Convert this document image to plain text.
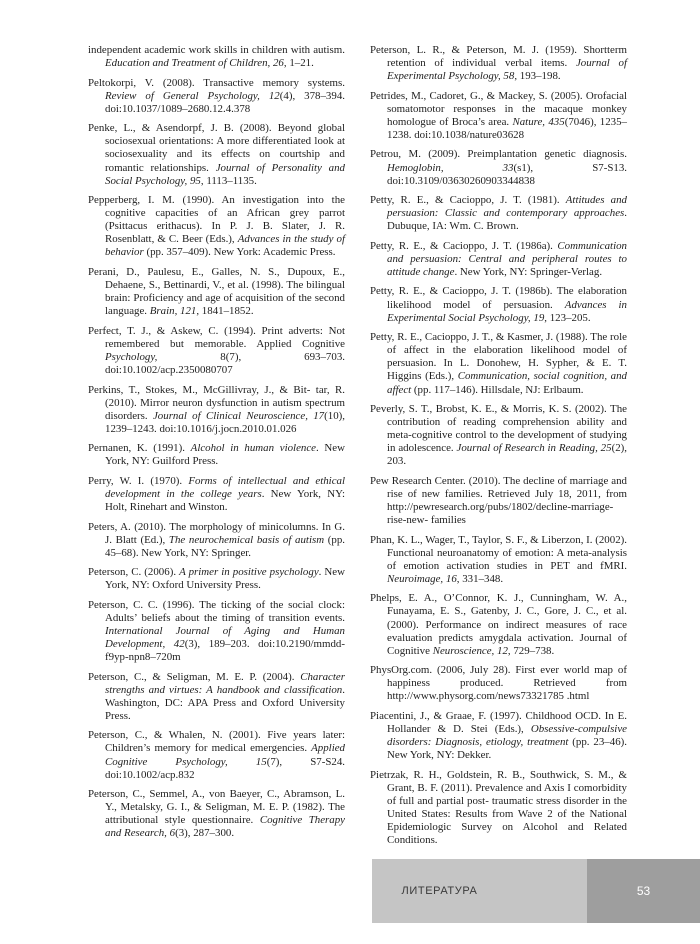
independent academic work skills in children with autism. Education and Treatment of Children, 26, 1–21.

Peltokorpi, V. (2008). Transactive memory systems. Review of General Psychology, 12(4), 378–394. doi:10.1037/1089–2680.12.4.378

Penke, L., & Asendorpf, J. B. (2008). Beyond global sociosexual orientations: A more differentiated look at sociosexuality and its effects on courtship and romantic relationships. Journal of Personality and Social Psychology, 95, 1113–1135.

Pepperberg, I. M. (1990). An investigation into the cognitive capacities of an African grey parrot (Psittacus erithacus). In P. J. B. Slater, J. R. Rosenblatt, & C. Beer (Eds.), Advances in the study of behavior (pp. 357–409). New York: Academic Press.

Perani, D., Paulesu, E., Galles, N. S., Dupoux, E., Dehaene, S., Bettinardi, V., et al. (1998). The bilingual brain: Proficiency and age of acquisition of the second language. Brain, 121, 1841–1852.

Perfect, T. J., & Askew, C. (1994). Print adverts: Not remembered but memorable. Applied Cognitive Psychology, 8(7), 693–703. doi:10.1002/acp.2350080707

Perkins, T., Stokes, M., McGillivray, J., & Bit- tar, R. (2010). Mirror neuron dysfunction in autism spectrum disorders. Journal of Clinical Neuroscience, 17(10), 1239–1243. doi:10.1016/j.jocn.2010.01.026

Pernanen, K. (1991). Alcohol in human violence. New York, NY: Guilford Press.

Perry, W. I. (1970). Forms of intellectual and ethical development in the college years. New York, NY: Holt, Rinehart and Winston.

Peters, A. (2010). The morphology of minicolumns. In G. J. Blatt (Ed.), The neurochemical basis of autism (pp. 45–68). New York, NY: Springer.

Peterson, C. (2006). A primer in positive psychology. New York, NY: Oxford University Press.

Peterson, C. C. (1996). The ticking of the social clock: Adults’ beliefs about the timing of transition events. International Journal of Aging and Human Development, 42(3), 189–203. doi:10.2190/mmdd-f9yp-npn8–720m

Peterson, C., & Seligman, M. E. P. (2004). Character strengths and virtues: A handbook and classification. Washington, DC: APA Press and Oxford University Press.

Peterson, C., & Whalen, N. (2001). Five years later: Children’s memory for medical emergencies. Applied Cognitive Psychology, 15(7), S7-S24. doi:10.1002/acp.832

Peterson, C., Semmel, A., von Baeyer, C., Abramson, L. Y., Metalsky, G. I., & Seligman, M. E. P. (1982). The attributional style questionnaire. Cognitive Therapy and Research, 6(3), 287–300.

Peterson, L. R., & Peterson, M. J. (1959). Shortterm retention of individual verbal items. Journal of Experimental Psychology, 58, 193–198.

Petrides, M., Cadoret, G., & Mackey, S. (2005). Orofacial somatomotor responses in the macaque monkey homologue of Broca’s area. Nature, 435(7046), 1235–1238. doi:10.1038/nature03628

Petrou, M. (2009). Preimplantation genetic diagnosis. Hemoglobin, 33(s1), S7-S13. doi:10.3109/03630260903344838

Petty, R. E., & Cacioppo, J. T. (1981). Attitudes and persuasion: Classic and contemporary approaches. Dubuque, IA: Wm. C. Brown.

Petty, R. E., & Cacioppo, J. T. (1986a). Communication and persuasion: Central and peripheral routes to attitude change. New York, NY: Springer-Verlag.

Petty, R. E., & Cacioppo, J. T. (1986b). The elaboration likelihood model of persuasion. Advances in Experimental Social Psychology, 19, 123–205.

Petty, R. E., Cacioppo, J. T., & Kasmer, J. (1988). The role of affect in the elaboration likelihood model of persuasion. In L. Donohew, H. Sypher, & E. T. Higgins (Eds.), Communication, social cognition, and affect (pp. 117–146). Hillsdale, NJ: Erlbaum.

Peverly, S. T., Brobst, K. E., & Morris, K. S. (2002). The contribution of reading comprehension ability and meta-cognitive control to the development of studying in adolescence. Journal of Research in Reading, 25(2), 203.

Pew Research Center. (2010). The decline of marriage and rise of new families. Retrieved July 18, 2011, from http://pewresearch.org/pubs/1802/decline-marriage-rise-new- families

Phan, K. L., Wager, T., Taylor, S. F., & Liberzon, I. (2002). Functional neuroanatomy of emotion: A meta-analysis of emotion activation studies in PET and fMRI. Neuroimage, 16, 331–348.

Phelps, E. A., O’Connor, K. J., Cunningham, W. A., Funayama, E. S., Gatenby, J. C., Gore, J. C., et al. (2000). Performance on indirect measures of race evaluation predicts amygdala activation. Journal of Cognitive Neuroscience, 12, 729–738.

PhysOrg.com. (2006, July 28). First ever world map of happiness produced. Retrieved from http://www.physorg.com/news73321785 .html

Piacentini, J., & Graae, F. (1997). Childhood OCD. In E. Hollander & D. Stei (Eds.), Obsessive-compulsive disorders: Diagnosis, etiology, treatment (pp. 23–46). New York, NY: Dekker.

Pietrzak, R. H., Goldstein, R. B., Southwick, S. M., & Grant, B. F. (2011). Prevalence and Axis I comorbidity of full and partial post- traumatic stress disorder in the United States: Results from Wave 2 of the National Epidemiologic Survey on Alcohol and Related Conditions.

ЛИТЕРАТУРА	53
